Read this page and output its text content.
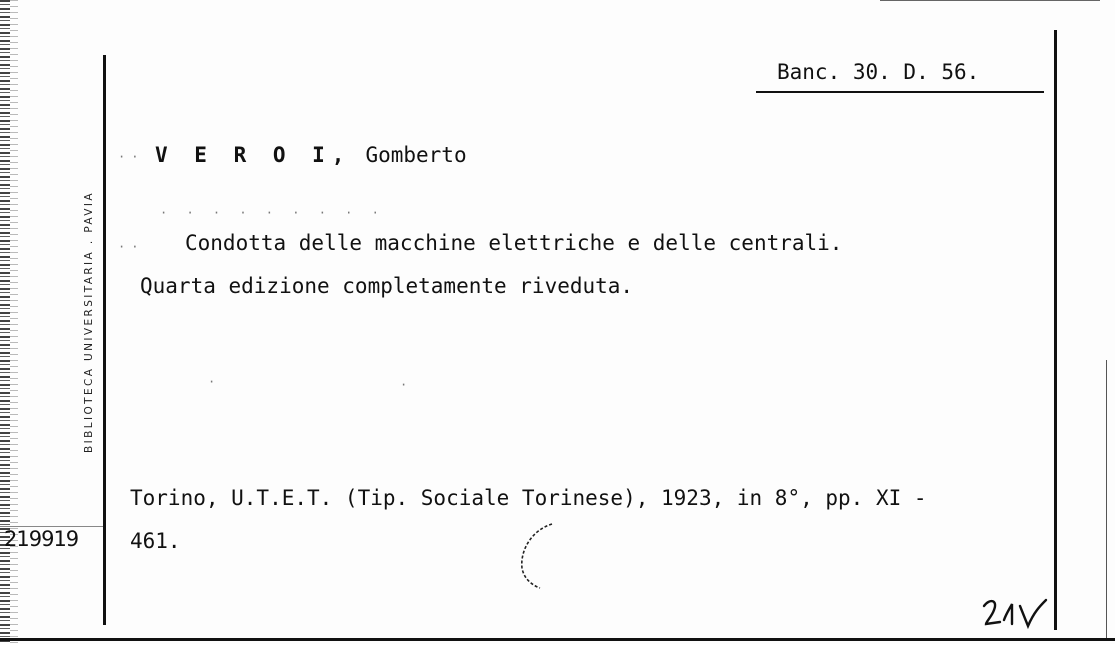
Banc. 30. D. 56.
BIBLIOTECA UNIVERSITARIA . PAVIA
·· V E R O I, Gomberto
· · · · · · · · ·
·· Condotta delle macchine elettriche e delle centrali.
Quarta edizione completamente riveduta.
·	·
Torino, U.T.E.T. (Tip. Sociale Torinese), 1923, in 8°, pp. XI -
461.
219919
